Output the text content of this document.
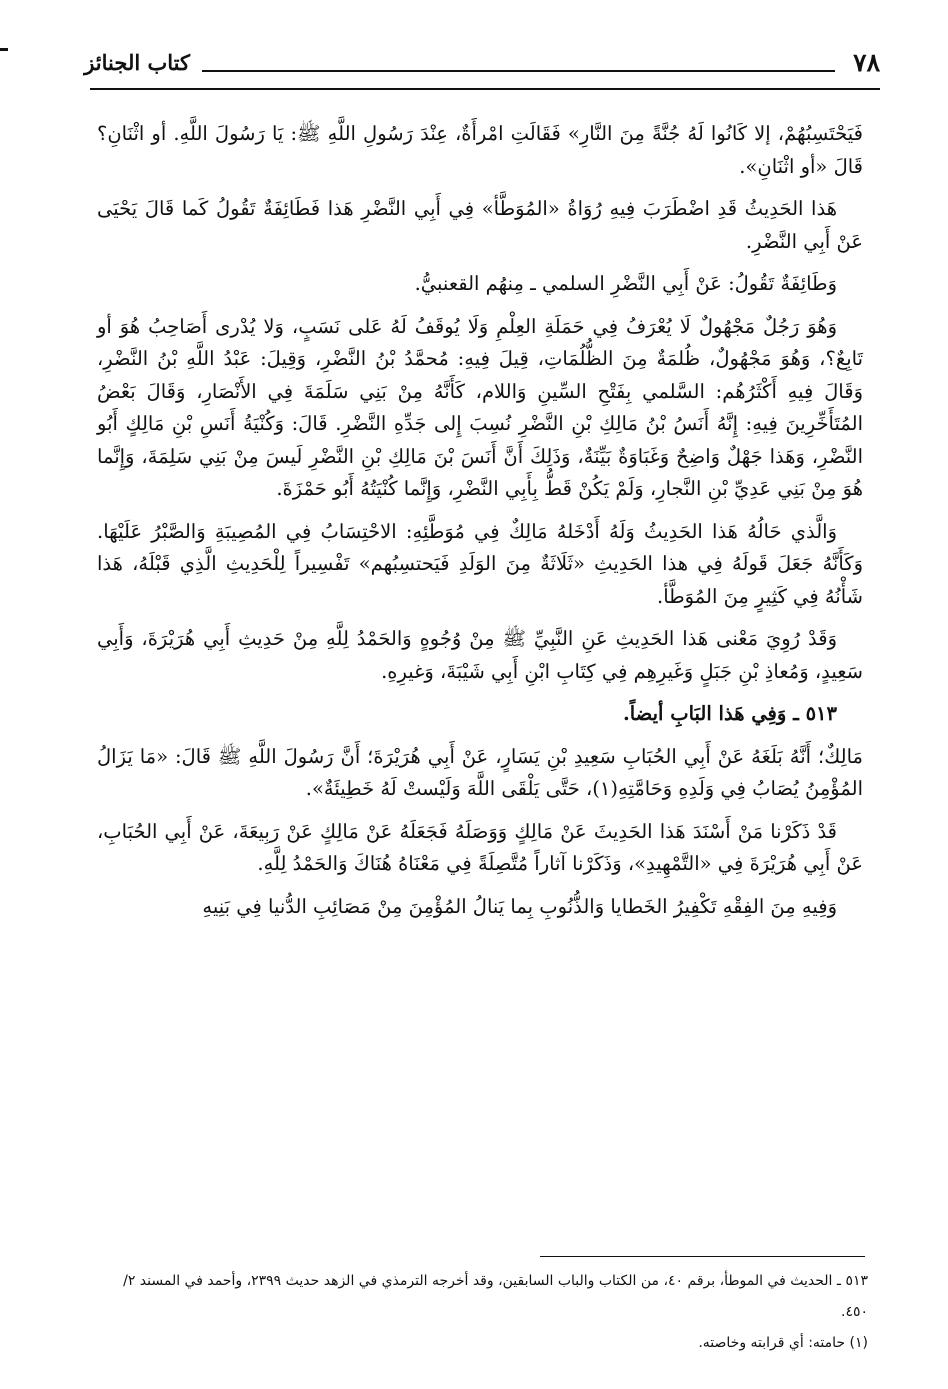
٧٨
كتاب الجنائز

فَيَحْتَسِبُهُمْ، إلا كَانُوا لَهُ جُنَّةً مِنَ النَّارِ» فَقَالَتِ امْرأَةٌ، عِنْدَ رَسُولِ اللَّهِ ﷺ: يَا رَسُولَ اللَّهِ. أو اثْنَانِ؟ قَالَ «أو اثْنَانِ».

هَذا الحَدِيثُ قَدِ اضْطَرَبَ فِيهِ رُوَاةُ «المُوَطَّأ» فِي أَبِي النَّضْرِ هَذا فَطَائِفَةٌ تَقُولُ كَما قَالَ يَحْيَى عَنْ أَبِي النَّضْرِ.

وَطَائِفَةٌ تَقُولُ: عَنْ أَبِي النَّضْرِ السلمي ـ مِنهُم القعنبيُّ.

وَهُوَ رَجُلٌ مَجْهُولٌ لَا يُعْرَفُ فِي حَمَلَةِ العِلْمِ وَلَا يُوقَفُ لَهُ عَلى نَسَبٍ، وَلا يُدْرى أَصَاحِبُ هُوَ أو تَابِعٌ؟، وَهُوَ مَجْهُولٌ، ظُلمَةٌ مِنَ الظُّلُمَاتِ، قِيلَ فِيهِ: مُحمَّدُ بْنُ النَّضْرِ، وَقِيلَ: عَبْدُ اللَّهِ بْنُ النَّضْرِ، وَقَالَ فِيهِ أَكْثَرُهُم: السَّلمي بِفَتْحِ السِّينِ وَاللام، كَأَنَّهُ مِنْ بَنِي سَلَمَةَ فِي الأَنْصَارِ، وَقَالَ بَعْضُ المُتَأَخِّرِينَ فِيهِ: إِنَّهُ أَنَسُ بْنُ مَالِكِ بْنِ النَّضْرِ نُسِبَ إِلى جَدِّهِ النَّضْرِ. قَالَ: وَكُنْيَةُ أَنَسِ بْنِ مَالِكٍ أَبُو النَّضْرِ، وَهَذا جَهْلٌ وَاضِحٌ وَغَبَاوَةٌ بَيِّنَةٌ، وَذَلِكَ أَنَّ أَنَسَ بْنَ مَالِكِ بْنِ النَّضْرِ لَيسَ مِنْ بَنِي سَلِمَةَ، وَإِنَّما هُوَ مِنْ بَنِي عَدِيِّ بْنِ النَّجارِ، وَلَمْ يَكُنْ قَطُّ بِأَبِي النَّضْرِ، وَإِنَّما كُنْيَتُهُ أَبُو حَمْزَةَ.

وَالَّذي حَالُهُ هَذا الحَدِيثُ وَلَهُ أَدْخَلهُ مَالِكٌ فِي مُوَطَّئِهِ: الاحْتِسَابُ فِي المُصِيبَةِ وَالصَّبْرُ عَلَيْهَا. وَكَأَنَّهُ جَعَلَ قَولَهُ فِي هذا الحَدِيثِ «ثَلَاثَةٌ مِنَ الوَلَدِ فَيَحتسِبُهم» تَفْسِيراً لِلْحَدِيثِ الَّذِي قَبْلَهُ، هَذا شَأْنُهُ فِي كَثِيرٍ مِنَ المُوَطَّأ.

وَقَدْ رُوِيَ مَعْنى هَذا الحَدِيثِ عَنِ النَّبِيِّ ﷺ مِنْ وُجُوهٍ وَالحَمْدُ لِلَّهِ مِنْ حَدِيثِ أَبِي هُرَيْرَةَ، وَأَبِي سَعِيدٍ، وَمُعاذِ بْنِ جَبَلٍ وَغَيرِهِم فِي كِتَابِ ابْنِ أَبِي شَيْبَةَ، وَغيرِهِ.

٥١٣ ـ وَفِي هَذا البَابِ أيضاً.

مَالِكٌ؛ أَنَّهُ بَلَغَهُ عَنْ أَبِي الحُبَابِ سَعِيدِ بْنِ يَسَارٍ، عَنْ أَبِي هُرَيْرَةَ؛ أَنَّ رَسُولَ اللَّهِ ﷺ قَالَ: «مَا يَزَالُ المُؤْمِنُ يُصَابُ فِي وَلَدِهِ وَحَامَّتِهِ(١)، حَتَّى يَلْقَى اللَّهَ وَلَيْستْ لَهُ خَطِيئَةٌ».

قَدْ ذَكَرْنا مَنْ أَسْنَدَ هَذا الحَدِيثَ عَنْ مَالِكٍ وَوَصَلَهُ فَجَعَلَهُ عَنْ مَالِكٍ عَنْ رَبِيعَةَ، عَنْ أَبِي الحُبَابِ، عَنْ أَبِي هُرَيْرَةَ فِي «التَّمْهِيدِ»، وَذَكَرْنا آثاراً مُتَّصِلَةً فِي مَعْنَاهُ هُنَاكَ وَالحَمْدُ لِلَّهِ.

وَفِيهِ مِنَ الفِقْهِ تَكْفِيرُ الخَطايا وَالذُّنُوبِ بِما يَنالُ المُؤْمِنَ مِنْ مَصَائِبِ الدُّنيا فِي بَنِيهِ

٥١٣ ـ الحديث في الموطأ، برقم ٤٠، من الكتاب والباب السابقين، وقد أخرجه الترمذي في الزهد حديث ٢٣٩٩، وأحمد في المسند ٢/ ٤٥٠.

(١) حامته: أي قرابته وخاصته.
